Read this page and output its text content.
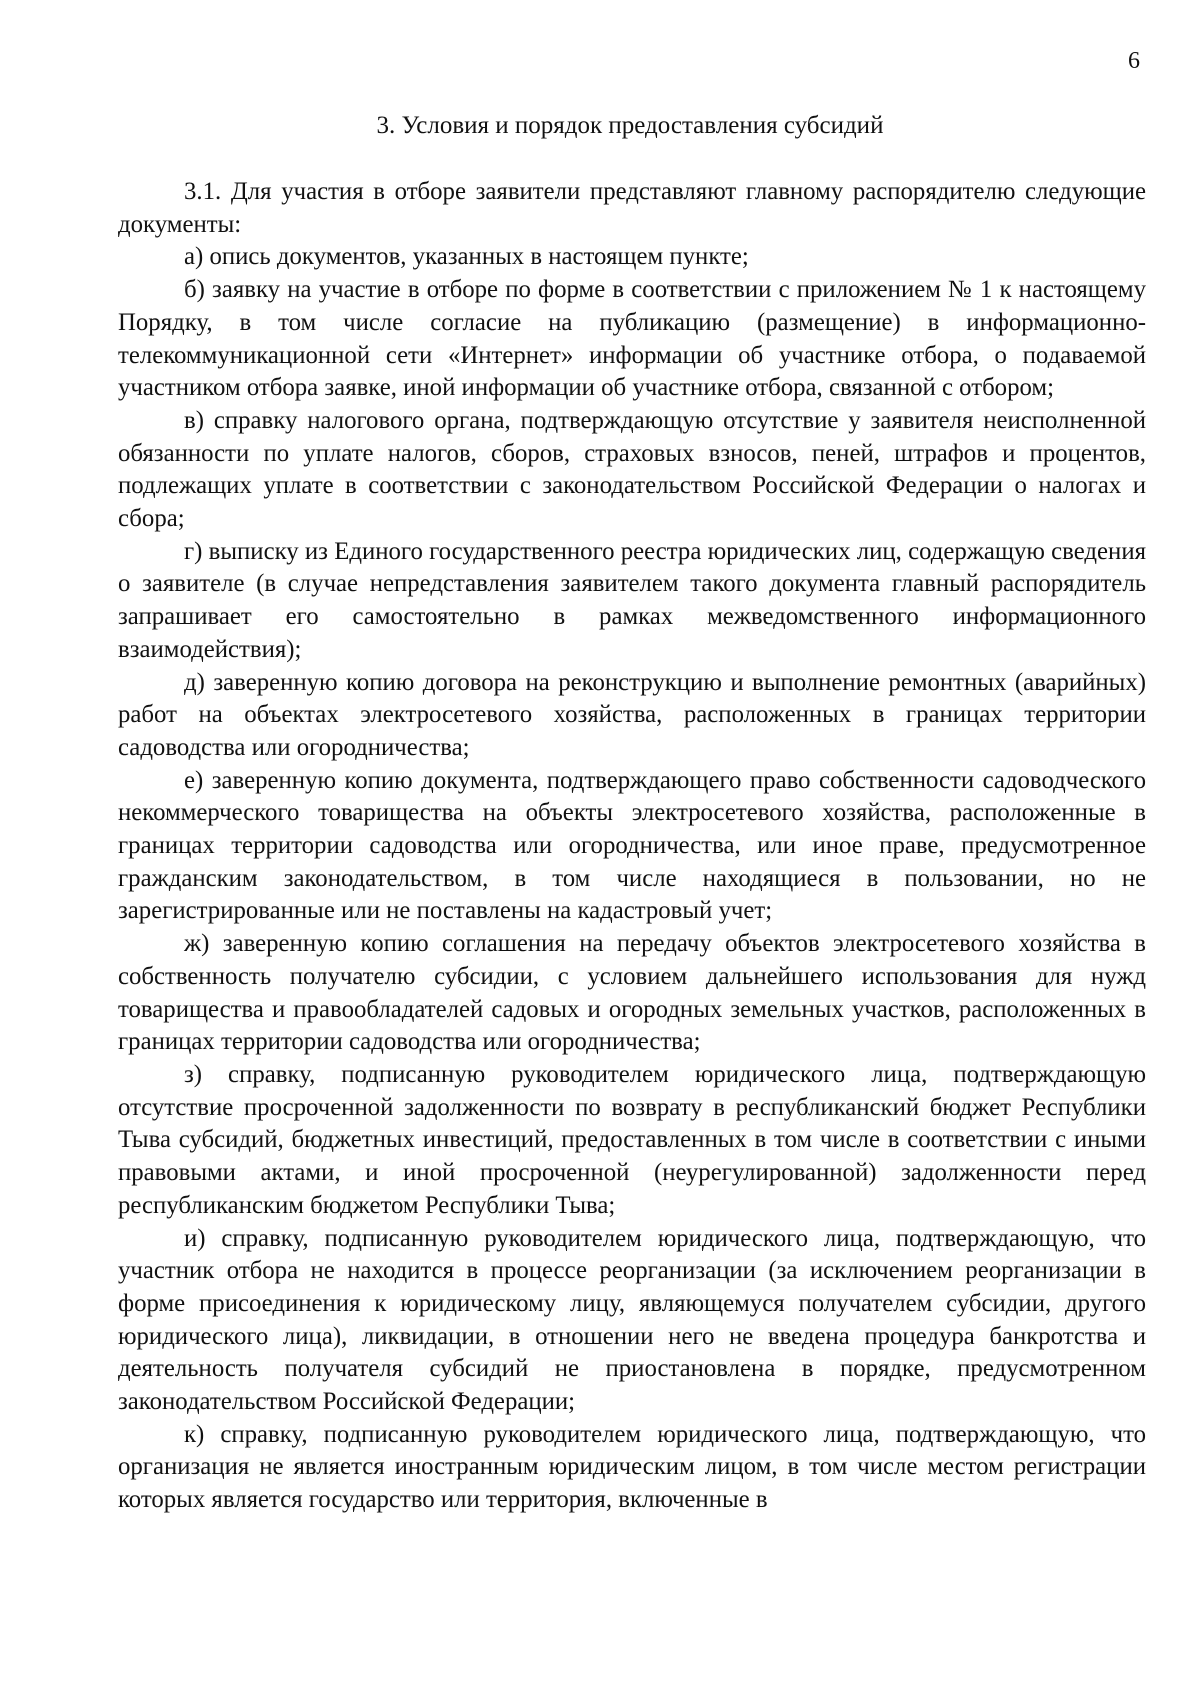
6
3. Условия и порядок предоставления субсидий

3.1. Для участия в отборе заявители представляют главному распорядителю следующие документы:

а) опись документов, указанных в настоящем пункте;

б) заявку на участие в отборе по форме в соответствии с приложением № 1 к настоящему Порядку, в том числе согласие на публикацию (размещение) в информационно-телекоммуникационной сети «Интернет» информации об участнике отбора, о подаваемой участником отбора заявке, иной информации об участнике отбора, связанной с отбором;

в) справку налогового органа, подтверждающую отсутствие у заявителя неисполненной обязанности по уплате налогов, сборов, страховых взносов, пеней, штрафов и процентов, подлежащих уплате в соответствии с законодательством Российской Федерации о налогах и сбора;

г) выписку из Единого государственного реестра юридических лиц, содержащую сведения о заявителе (в случае непредставления заявителем такого документа главный распорядитель запрашивает его самостоятельно в рамках межведомственного информационного взаимодействия);

д) заверенную копию договора на реконструкцию и выполнение ремонтных (аварийных) работ на объектах электросетевого хозяйства, расположенных в границах территории садоводства или огородничества;

е) заверенную копию документа, подтверждающего право собственности садоводческого некоммерческого товарищества на объекты электросетевого хозяйства, расположенные в границах территории садоводства или огородничества, или иное праве, предусмотренное гражданским законодательством, в том числе находящиеся в пользовании, но не зарегистрированные или не поставлены на кадастровый учет;

ж) заверенную копию соглашения на передачу объектов электросетевого хозяйства в собственность получателю субсидии, с условием дальнейшего использования для нужд товарищества и правообладателей садовых и огородных земельных участков, расположенных в границах территории садоводства или огородничества;

з) справку, подписанную руководителем юридического лица, подтверждающую отсутствие просроченной задолженности по возврату в республиканский бюджет Республики Тыва субсидий, бюджетных инвестиций, предоставленных в том числе в соответствии с иными правовыми актами, и иной просроченной (неурегулированной) задолженности перед республиканским бюджетом Республики Тыва;

и) справку, подписанную руководителем юридического лица, подтверждающую, что участник отбора не находится в процессе реорганизации (за исключением реорганизации в форме присоединения к юридическому лицу, являющемуся получателем субсидии, другого юридического лица), ликвидации, в отношении него не введена процедура банкротства и деятельность получателя субсидий не приостановлена в порядке, предусмотренном законодательством Российской Федерации;

к) справку, подписанную руководителем юридического лица, подтверждающую, что организация не является иностранным юридическим лицом, в том числе местом регистрации которых является государство или территория, включенные в
